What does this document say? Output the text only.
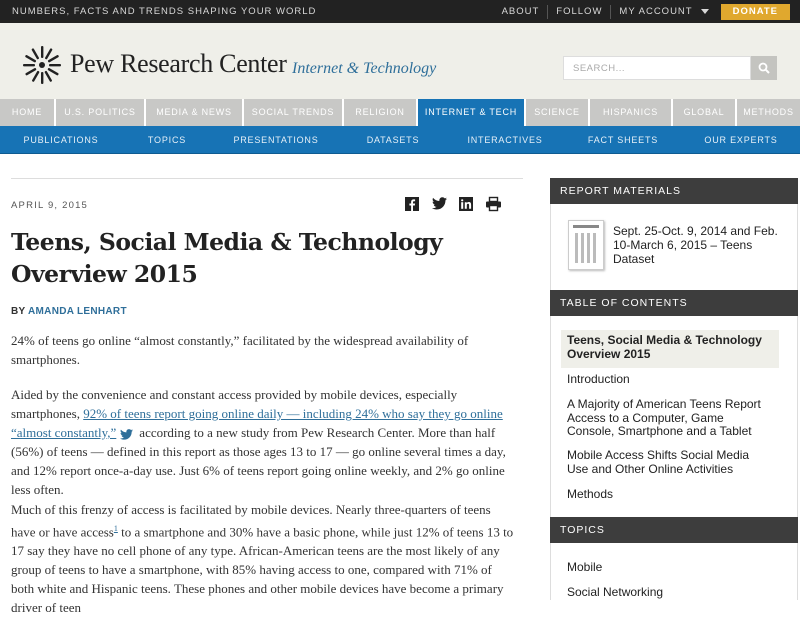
NUMBERS, FACTS AND TRENDS SHAPING YOUR WORLD	ABOUT	FOLLOW	MY ACCOUNT	DONATE
Pew Research Center Internet & Technology
SEARCH...
HOME	U.S. POLITICS	MEDIA & NEWS	SOCIAL TRENDS	RELIGION	INTERNET & TECH	SCIENCE	HISPANICS	GLOBAL	METHODS
PUBLICATIONS	TOPICS	PRESENTATIONS	DATASETS	INTERACTIVES	FACT SHEETS	OUR EXPERTS
APRIL 9, 2015
Teens, Social Media & Technology Overview 2015
BY AMANDA LENHART

24% of teens go online “almost constantly,” facilitated by the widespread availability of smartphones.

Aided by the convenience and constant access provided by mobile devices, especially smartphones, 92% of teens report going online daily — including 24% who say they go online “almost constantly,” according to a new study from Pew Research Center. More than half (56%) of teens — defined in this report as those ages 13 to 17 — go online several times a day, and 12% report once-a-day use. Just 6% of teens report going online weekly, and 2% go online less often.

Much of this frenzy of access is facilitated by mobile devices. Nearly three-quarters of teens have or have access$^1$ to a smartphone and 30% have a basic phone, while just 12% of teens 13 to 17 say they have no cell phone of any type. African-American teens are the most likely of any group of teens to have a smartphone, with 85% having access to one, compared with 71% of both white and Hispanic teens. These phones and other mobile devices have become a primary driver of teen

REPORT MATERIALS
Sept. 25-Oct. 9, 2014 and Feb. 10-March 6, 2015 – Teens Dataset
TABLE OF CONTENTS
Teens, Social Media & Technology Overview 2015
Introduction
A Majority of American Teens Report Access to a Computer, Game Console, Smartphone and a Tablet
Mobile Access Shifts Social Media Use and Other Online Activities
Methods
TOPICS
Mobile
Social Networking
